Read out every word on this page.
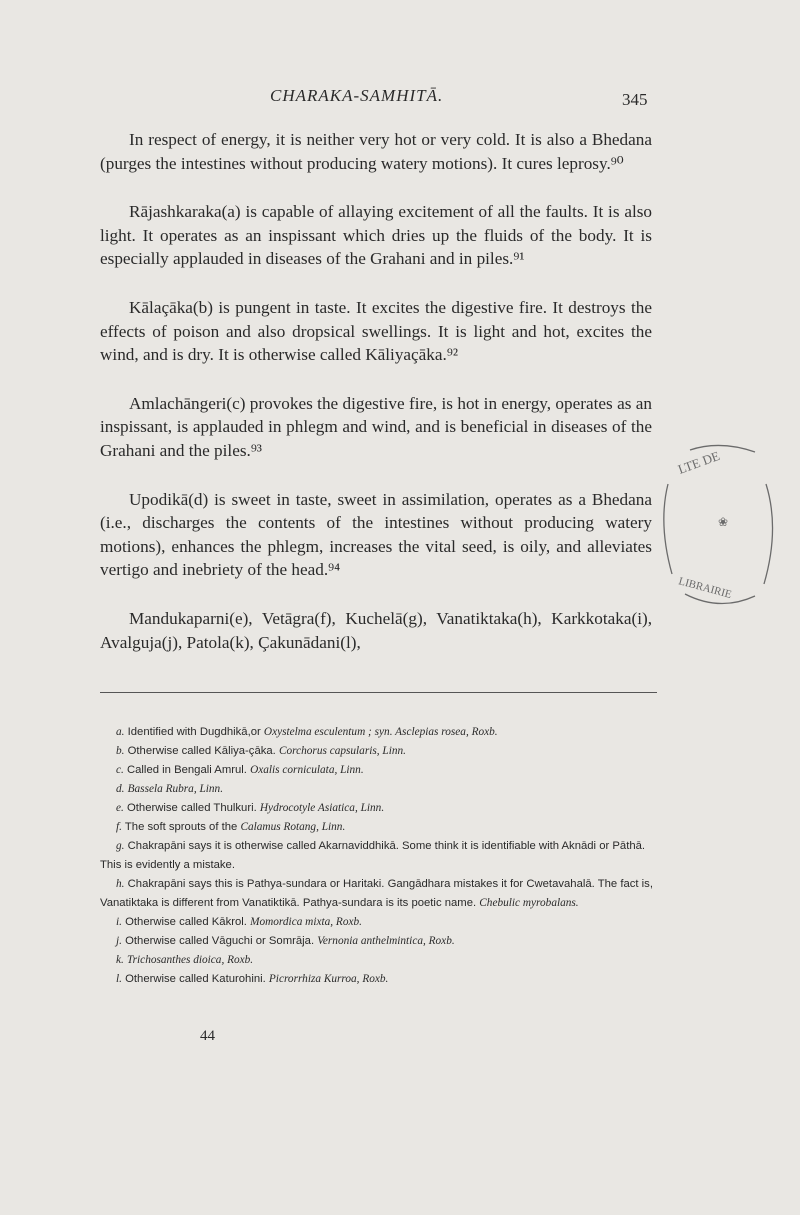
CHARAKA-SAMHITĀ.	345

In respect of energy, it is neither very hot or very cold. It is also a Bhedana (purges the intestines without producing watery motions). It cures leprosy.⁹⁰

Rājashkaraka(a) is capable of allaying excitement of all the faults. It is also light. It operates as an inspissant which dries up the fluids of the body. It is especially applauded in diseases of the Grahani and in piles.⁹¹

Kālaçāka(b) is pungent in taste. It excites the digestive fire. It destroys the effects of poison and also dropsical swellings. It is light and hot, excites the wind, and is dry. It is otherwise called Kāliyaçāka.⁹²

Amlachāngeri(c) provokes the digestive fire, is hot in energy, operates as an inspissant, is applauded in phlegm and wind, and is beneficial in diseases of the Grahani and the piles.⁹³

Upodikā(d) is sweet in taste, sweet in assimilation, operates as a Bhedana (i.e., discharges the contents of the intestines without producing watery motions), enhances the phlegm, increases the vital seed, is oily, and alleviates vertigo and inebriety of the head.⁹⁴

Mandukaparni(e), Vetāgra(f), Kuchelā(g), Vanatiktaka(h), Karkkotaka(i), Avalguja(j), Patola(k), Çakunādani(l),

LTE DE
❀
LIBRAIRIE

a. Identified with Dugdhikā,or Oxystelma esculentum ; syn. Asclepias rosea, Roxb.

b. Otherwise called Kāliya-çāka. Corchorus capsularis, Linn.

c. Called in Bengali Amrul. Oxalis corniculata, Linn.

d. Bassela Rubra, Linn.

e. Otherwise called Thulkuri. Hydrocotyle Asiatica, Linn.

f. The soft sprouts of the Calamus Rotang, Linn.

g. Chakrapāni says it is otherwise called Akarnaviddhikā. Some think it is identifiable with Aknādi or Pāthā. This is evidently a mistake.

h. Chakrapāni says this is Pathya-sundara or Haritaki. Gangādhara mistakes it for Cwetavahalā. The fact is, Vanatiktaka is different from Vanatiktikā. Pathya-sundara is its poetic name. Chebulic myrobalans.

i. Otherwise called Kākrol. Momordica mixta, Roxb.

j. Otherwise called Vāguchi or Somrāja. Vernonia anthelmintica, Roxb.

k. Trichosanthes dioica, Roxb.

l. Otherwise called Katurohini. Picrorrhiza Kurroa, Roxb.

44
